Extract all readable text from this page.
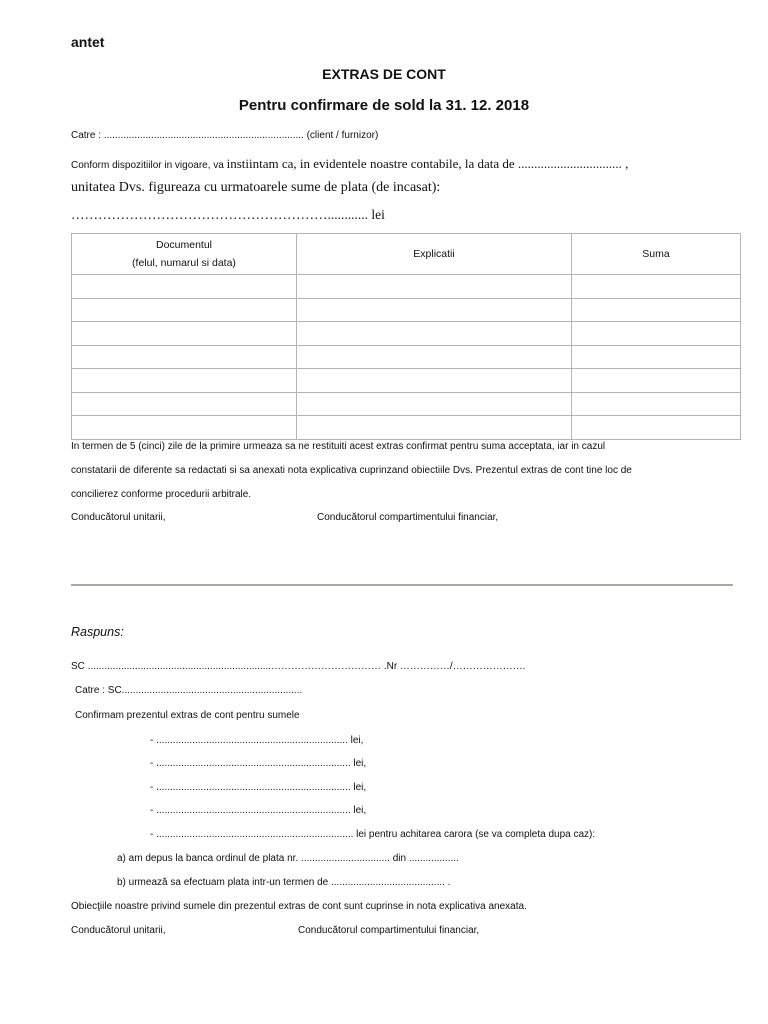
antet
EXTRAS DE CONT
Pentru confirmare de sold la 31. 12. 2018
Catre : ........................................................................ (client / furnizor)
Conform dispozitiilor in vigoare, va instiintam ca, in evidentele noastre contabile, la data de ................................ ,
unitatea Dvs. figureaza cu urmatoarele sume de plata (de incasat):
…………………………………………………............ lei
Documentul
(felul, numarul si data)	Explicatii	Suma

In termen de 5 (cinci) zile de la primire urmeaza sa ne restituiti acest extras confirmat pentru suma acceptata, iar in cazul
constatarii de diferente sa redactati si sa anexati nota explicativa cuprinzand obiectiile Dvs. Prezentul extras de cont tine loc de
concilierez conforme procedurii arbitrale.
Conducătorul unitarii,	Conducătorul compartimentului financiar,
Raspuns:
SC ..................................................................…………………………… .Nr ……………/………………….
Catre : SC.................................................................
Confirmam prezentul extras de cont pentru sumele
- ..................................................................... lei,
- ...................................................................... lei,
- ...................................................................... lei,
- ...................................................................... lei,
- ....................................................................... lei pentru achitarea carora (se va completa dupa caz):
a) am depus la banca ordinul de plata nr. ................................ din ..................
b) urmează sa efectuam plata intr-un termen de ......................................... .
Obiecţiile noastre privind sumele din prezentul extras de cont sunt cuprinse in nota explicativa anexata.
Conducătorul unitarii,	Conducătorul compartimentului financiar,
